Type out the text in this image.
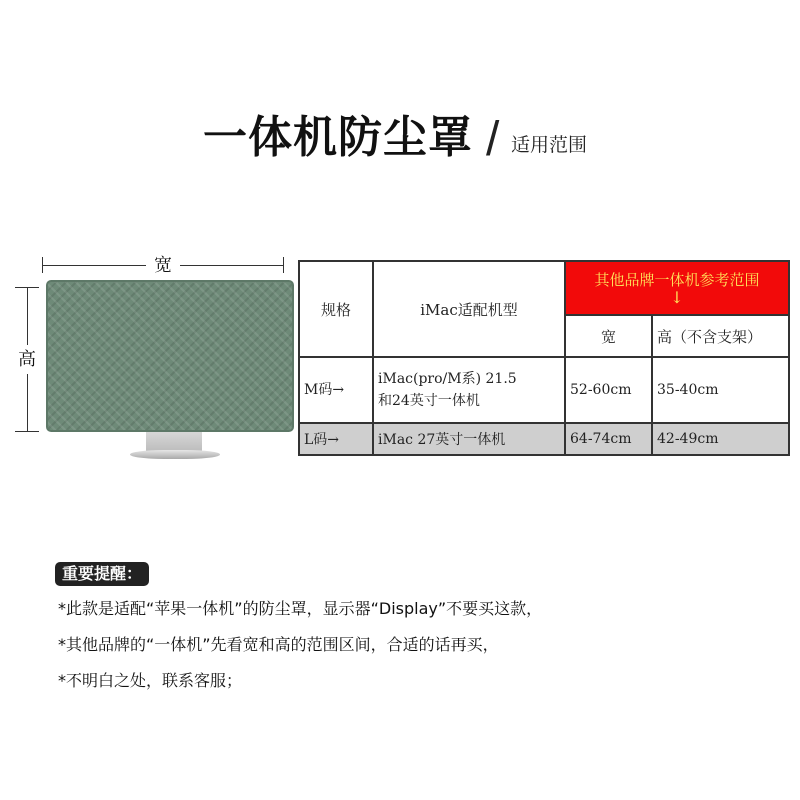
一体机防尘罩 / 适用范围
宽
高
规格	iMac适配机型	其他品牌一体机参考范围
↓	

		宽	高（不含支架）
M码→	iMac(pro/M系) 21.5
和24英寸一体机	52-60cm	35-40cm
L码→	iMac 27英寸一体机	64-74cm	42-49cm
重要提醒：

*此款是适配“苹果一体机”的防尘罩，显示器“Display”不要买这款，

*其他品牌的“一体机”先看宽和高的范围区间，合适的话再买，

*不明白之处，联系客服；
